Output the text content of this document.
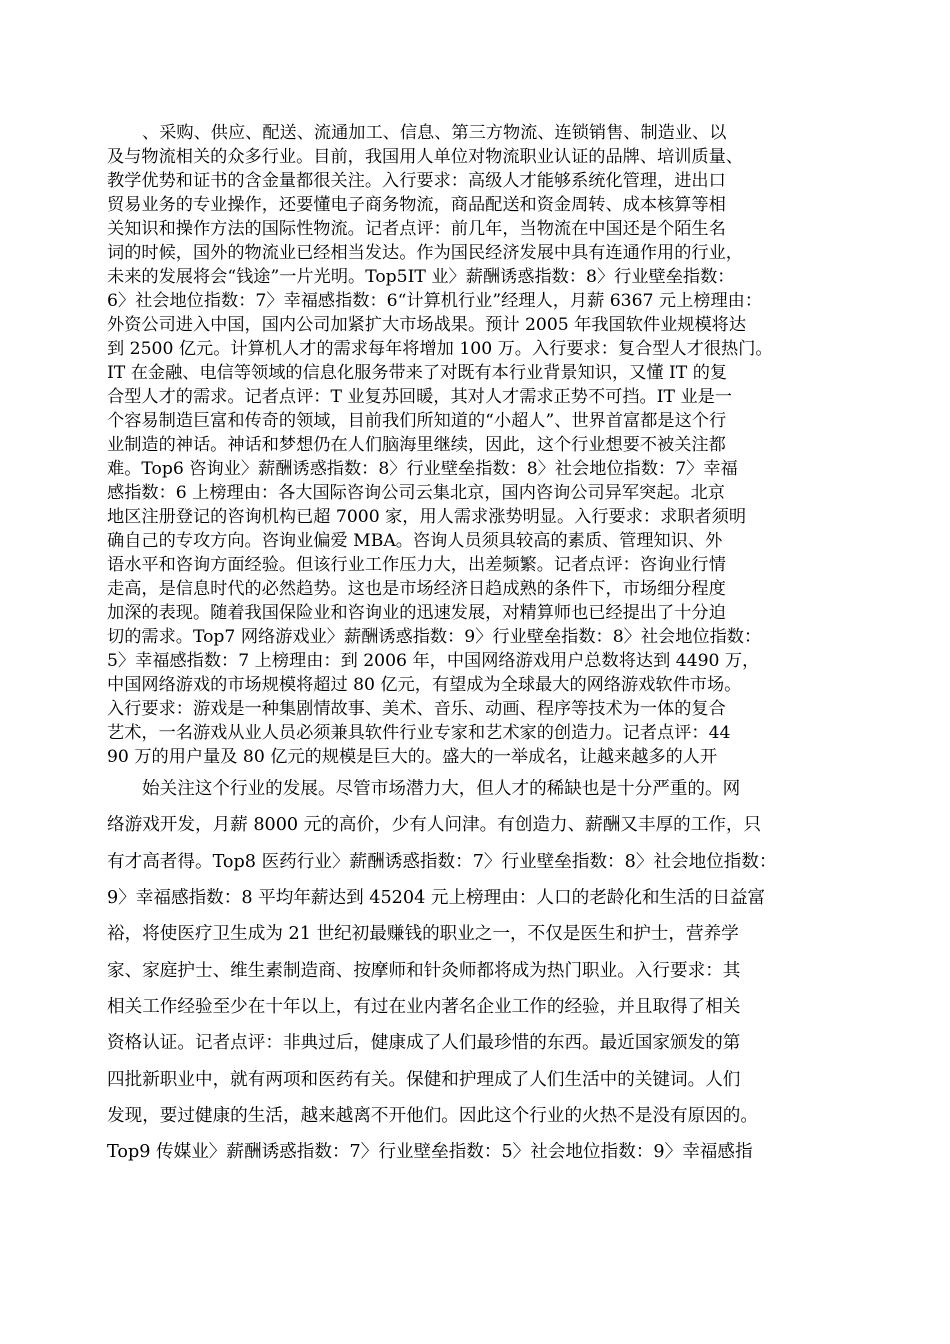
、采购、供应、配送、流通加工、信息、第三方物流、连锁销售、制造业、以
及与物流相关的众多行业。目前，我国用人单位对物流职业认证的品牌、培训质量、
教学优势和证书的含金量都很关注。入行要求：高级人才能够系统化管理，进出口
贸易业务的专业操作，还要懂电子商务物流，商品配送和资金周转、成本核算等相
关知识和操作方法的国际性物流。记者点评：前几年，当物流在中国还是个陌生名
词的时候，国外的物流业已经相当发达。作为国民经济发展中具有连通作用的行业，
未来的发展将会“钱途”一片光明。Top5IT 业〉薪酬诱惑指数：8〉行业壁垒指数：
6〉社会地位指数：7〉幸福感指数：6“计算机行业”经理人，月薪 6367 元上榜理由：
外资公司进入中国，国内公司加紧扩大市场战果。预计 2005 年我国软件业规模将达
到 2500 亿元。计算机人才的需求每年将增加 100 万。入行要求：复合型人才很热门。
IT 在金融、电信等领域的信息化服务带来了对既有本行业背景知识，又懂 IT 的复
合型人才的需求。记者点评：T 业复苏回暖，其对人才需求正势不可挡。IT 业是一
个容易制造巨富和传奇的领域，目前我们所知道的“小超人”、世界首富都是这个行
业制造的神话。神话和梦想仍在人们脑海里继续，因此，这个行业想要不被关注都
难。Top6 咨询业〉薪酬诱惑指数：8〉行业壁垒指数：8〉社会地位指数：7〉幸福
感指数：6 上榜理由：各大国际咨询公司云集北京，国内咨询公司异军突起。北京
地区注册登记的咨询机构已超 7000 家，用人需求涨势明显。入行要求：求职者须明
确自己的专攻方向。咨询业偏爱 MBA。咨询人员须具较高的素质、管理知识、外
语水平和咨询方面经验。但该行业工作压力大，出差频繁。记者点评：咨询业行情
走高，是信息时代的必然趋势。这也是市场经济日趋成熟的条件下，市场细分程度
加深的表现。随着我国保险业和咨询业的迅速发展，对精算师也已经提出了十分迫
切的需求。Top7 网络游戏业〉薪酬诱惑指数：9〉行业壁垒指数：8〉社会地位指数：
5〉幸福感指数：7 上榜理由：到 2006 年，中国网络游戏用户总数将达到 4490 万，
中国网络游戏的市场规模将超过 80 亿元，有望成为全球最大的网络游戏软件市场。
入行要求：游戏是一种集剧情故事、美术、音乐、动画、程序等技术为一体的复合
艺术，一名游戏从业人员必须兼具软件行业专家和艺术家的创造力。记者点评：44
90 万的用户量及 80 亿元的规模是巨大的。盛大的一举成名，让越来越多的人开
始关注这个行业的发展。尽管市场潜力大，但人才的稀缺也是十分严重的。网
络游戏开发，月薪 8000 元的高价，少有人问津。有创造力、薪酬又丰厚的工作，只
有才高者得。Top8 医药行业〉薪酬诱惑指数：7〉行业壁垒指数：8〉社会地位指数：
9〉幸福感指数：8 平均年薪达到 45204 元上榜理由：人口的老龄化和生活的日益富
裕，将使医疗卫生成为 21 世纪初最赚钱的职业之一，不仅是医生和护士，营养学
家、家庭护士、维生素制造商、按摩师和针灸师都将成为热门职业。入行要求：其
相关工作经验至少在十年以上，有过在业内著名企业工作的经验，并且取得了相关
资格认证。记者点评：非典过后，健康成了人们最珍惜的东西。最近国家颁发的第
四批新职业中，就有两项和医药有关。保健和护理成了人们生活中的关键词。人们
发现，要过健康的生活，越来越离不开他们。因此这个行业的火热不是没有原因的。
Top9 传媒业〉薪酬诱惑指数：7〉行业壁垒指数：5〉社会地位指数：9〉幸福感指
